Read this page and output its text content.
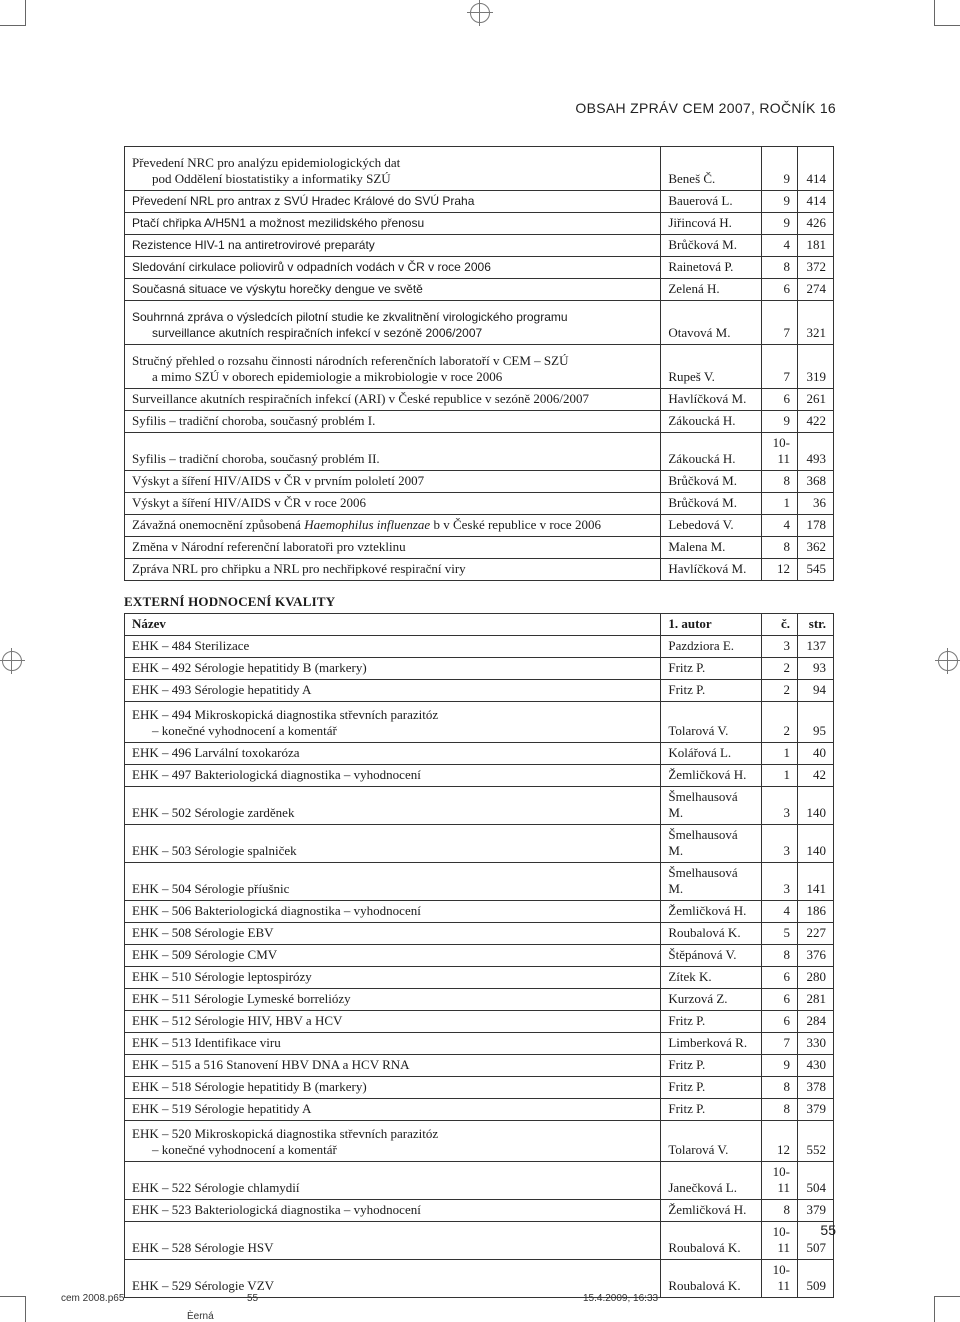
OBSAH ZPRÁV CEM 2007, ROČNÍK 16
Převedení NRC pro analýzu epidemiologických dat
pod Oddělení biostatistiky a informatiky SZÚ	Beneš Č.	9	414

Převedení NRL pro antrax z SVÚ Hradec Králové do SVÚ Praha	Bauerová L.	9	414

Ptačí chřipka A/H5N1 a možnost mezilidského přenosu	Jiřincová H.	9	426

Rezistence HIV-1 na antiretrovirové preparáty	Brůčková M.	4	181

Sledování cirkulace poliovirů v odpadních vodách v ČR v roce 2006	Rainetová P.	8	372

Současná situace ve výskytu horečky dengue ve světě	Zelená H.	6	274

Souhrnná zpráva o výsledcích pilotní studie ke zkvalitnění virologického programu
surveillance akutních respiračních infekcí v sezóně 2006/2007	Otavová M.	7	321

Stručný přehled o rozsahu činnosti národních referenčních laboratoří v CEM – SZÚ
a mimo SZÚ v oborech epidemiologie a mikrobiologie v roce 2006	Rupeš V.	7	319

Surveillance akutních respiračních infekcí (ARI) v České republice v sezóně 2006/2007	Havlíčková M.	6	261

Syfilis – tradiční choroba, současný problém I.	Zákoucká H.	9	422

Syfilis – tradiční choroba, současný problém II.	Zákoucká H.	10-11	493

Výskyt a šíření HIV/AIDS v ČR v prvním pololetí 2007	Brůčková M.	8	368

Výskyt a šíření HIV/AIDS v ČR v roce 2006	Brůčková M.	1	36
Závažná onemocnění způsobená Haemophilus influenzae b v České republice v roce 2006	Lebedová V.	4	178

Změna v Národní referenční laboratoři pro vzteklinu	Malena M.	8	362

Zpráva NRL pro chřipku a NRL pro nechřipkové respirační viry	Havlíčková M.	12	545
EXTERNÍ HODNOCENÍ KVALITY
Název	1. autor	č.	str.

EHK – 484 Sterilizace	Pazdziora E.	3	137

EHK – 492 Sérologie hepatitidy B (markery)	Fritz P.	2	93

EHK – 493 Sérologie hepatitidy A	Fritz P.	2	94

EHK – 494 Mikroskopická diagnostika střevních parazitóz
– konečné vyhodnocení a komentář	Tolarová V.	2	95

EHK – 496 Larvální toxokaróza	Kolářová L.	1	40

EHK – 497 Bakteriologická diagnostika – vyhodnocení	Žemličková H.	1	42

EHK – 502 Sérologie zarděnek	Šmelhausová M.	3	140

EHK – 503 Sérologie spalniček	Šmelhausová M.	3	140

EHK – 504 Sérologie příušnic	Šmelhausová M.	3	141

EHK – 506 Bakteriologická diagnostika – vyhodnocení	Žemličková H.	4	186

EHK – 508 Sérologie EBV	Roubalová K.	5	227

EHK – 509 Sérologie CMV	Štěpánová V.	8	376

EHK – 510 Sérologie leptospirózy	Zítek K.	6	280

EHK – 511 Sérologie Lymeské borreliózy	Kurzová Z.	6	281

EHK – 512 Sérologie HIV, HBV a HCV	Fritz P.	6	284

EHK – 513 Identifikace viru	Limberková R.	7	330

EHK – 515 a 516 Stanovení HBV DNA a HCV RNA	Fritz P.	9	430

EHK – 518 Sérologie hepatitidy B (markery)	Fritz P.	8	378

EHK – 519 Sérologie hepatitidy A	Fritz P.	8	379

EHK – 520 Mikroskopická diagnostika střevních parazitóz
– konečné vyhodnocení a komentář	Tolarová V.	12	552

EHK – 522 Sérologie chlamydií	Janečková L.	10-11	504

EHK – 523 Bakteriologická diagnostika – vyhodnocení	Žemličková H.	8	379

EHK – 528 Sérologie HSV	Roubalová K.	10-11	507

EHK – 529 Sérologie VZV	Roubalová K.	10-11	509
55
cem 2008.p65	55	15.4.2009, 16:33
Èerná
